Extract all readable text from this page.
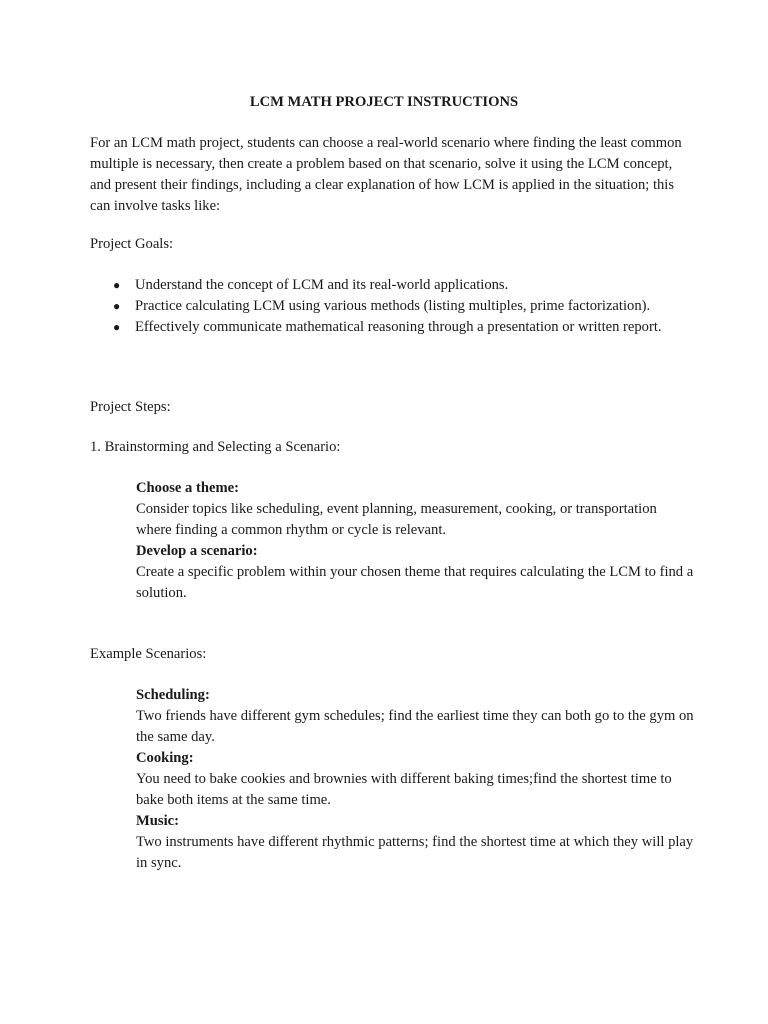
LCM MATH PROJECT INSTRUCTIONS

For an LCM math project, students can choose a real-world scenario where finding the least common multiple is necessary, then create a problem based on that scenario, solve it using the LCM concept, and present their findings, including a clear explanation of how LCM is applied in the situation; this can involve tasks like:

Project Goals:

● Understand the concept of LCM and its real-world applications.
● Practice calculating LCM using various methods (listing multiples, prime factorization).
● Effectively communicate mathematical reasoning through a presentation or written report.

Project Steps:

1. Brainstorming and Selecting a Scenario:

Choose a theme:

Consider topics like scheduling, event planning, measurement, cooking, or transportation where finding a common rhythm or cycle is relevant.

Develop a scenario:

Create a specific problem within your chosen theme that requires calculating the LCM to find a solution.

Example Scenarios:

Scheduling:

Two friends have different gym schedules; find the earliest time they can both go to the gym on the same day.

Cooking:

You need to bake cookies and brownies with different baking times;find the shortest time to bake both items at the same time.

Music:

Two instruments have different rhythmic patterns; find the shortest time at which they will play in sync.
